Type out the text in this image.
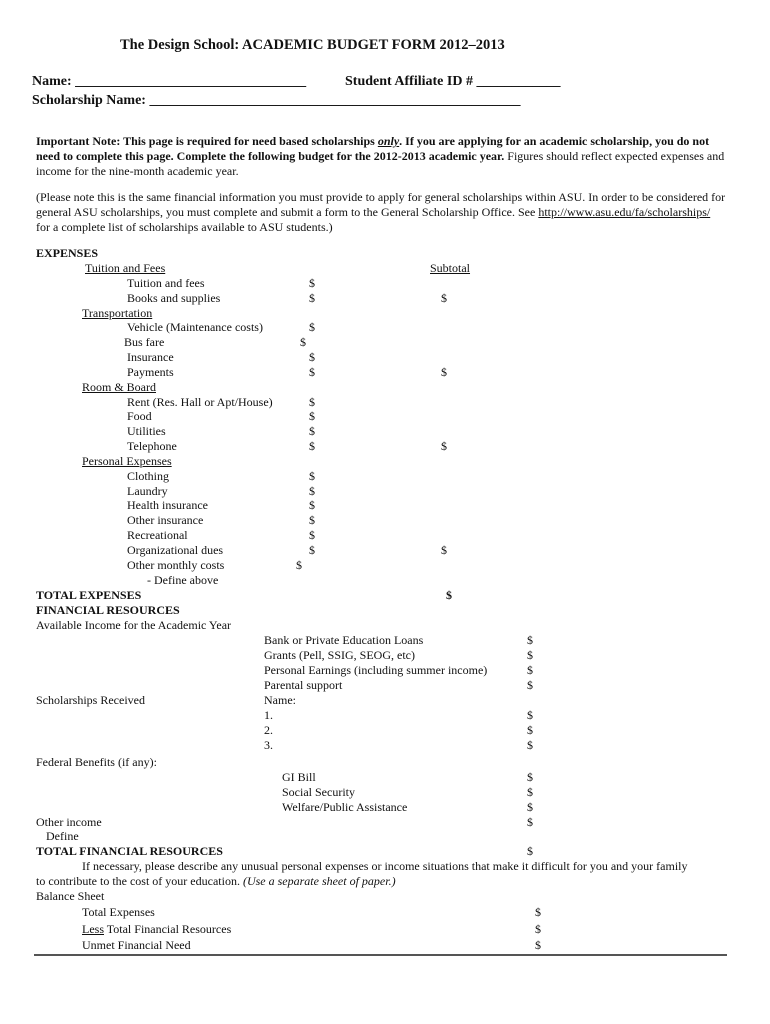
The Design School: ACADEMIC BUDGET FORM 2012–2013
Name: _________________________________	Student Affiliate ID # ____________
Scholarship Name: _____________________________________________________
Important Note: This page is required for need based scholarships only. If you are applying for an academic scholarship, you do not need to complete this page. Complete the following budget for the 2012-2013 academic year. Figures should reflect expected expenses and income for the nine-month academic year.
(Please note this is the same financial information you must provide to apply for general scholarships within ASU. In order to be considered for general ASU scholarships, you must complete and submit a form to the General Scholarship Office. See http://www.asu.edu/fa/scholarships/ for a complete list of scholarships available to ASU students.)
EXPENSES
Tuition and Fees	Subtotal
Tuition and fees	$
Books and supplies	$	$
Transportation
Vehicle (Maintenance costs)	$
Bus fare	$
Insurance	$
Payments	$	$
Room & Board
Rent (Res. Hall or Apt/House)	$
Food	$
Utilities	$
Telephone	$	$
Personal Expenses
Clothing	$
Laundry	$
Health insurance	$
Other insurance	$
Recreational	$
Organizational dues	$	$
Other monthly costs	$
- Define above
TOTAL EXPENSES	$
FINANCIAL RESOURCES
Available Income for the Academic Year
Bank or Private Education Loans	$
Grants (Pell, SSIG, SEOG, etc)	$
Personal Earnings (including summer income)	$
Parental support	$
Scholarships Received	Name:
1.	$
2.	$
3.	$
Federal Benefits (if any):
GI Bill	$
Social Security	$
Welfare/Public Assistance	$
Other income	$
Define
TOTAL FINANCIAL RESOURCES	$
If necessary, please describe any unusual personal expenses or income situations that make it difficult for you and your family
to contribute to the cost of your education. (Use a separate sheet of paper.)
Balance Sheet
Total Expenses	$
Less Total Financial Resources	$
Unmet Financial Need	$
